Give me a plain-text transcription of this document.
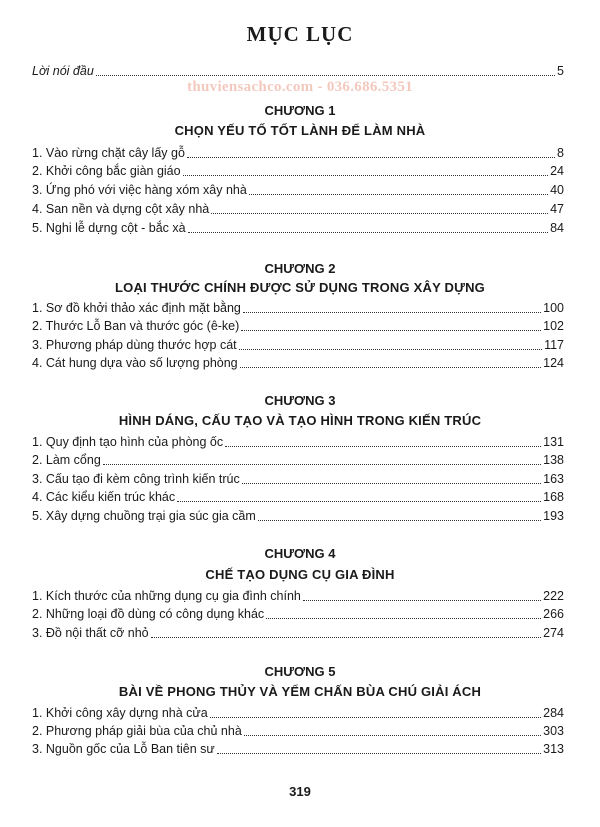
MỤC LỤC
Lời nói đầu	5
thuviensachco.com - 036.686.5351
CHƯƠNG 1
CHỌN YẾU TỐ TỐT LÀNH ĐỂ LÀM NHÀ
1. Vào rừng chặt cây lấy gỗ	8
2. Khởi công bắc giàn giáo	24
3. Ứng phó với việc hàng xóm xây nhà	40
4. San nền và dựng cột xây nhà	47
5. Nghi lễ dựng cột - bắc xà	84
CHƯƠNG 2
LOẠI THƯỚC CHÍNH ĐƯỢC SỬ DỤNG TRONG XÂY DỰNG
1. Sơ đồ khởi thảo xác định mặt bằng	100
2. Thước Lỗ Ban và thước góc (ê-ke)	102
3. Phương pháp dùng thước hợp cát	117
4. Cát hung dựa vào số lượng phòng	124
CHƯƠNG 3
HÌNH DÁNG, CẤU TẠO VÀ TẠO HÌNH TRONG KIẾN TRÚC
1. Quy định tạo hình của phòng ốc	131
2. Làm cổng	138
3. Cấu tạo đi kèm công trình kiến trúc	163
4. Các kiểu kiến trúc khác	168
5. Xây dựng chuồng trại gia súc gia cầm	193
CHƯƠNG 4
CHẾ TẠO DỤNG CỤ GIA ĐÌNH
1. Kích thước của những dụng cụ gia đình chính	222
2. Những loại đồ dùng có công dụng khác	266
3. Đồ nội thất cỡ nhỏ	274
CHƯƠNG 5
BÀI VỀ PHONG THỦY VÀ YỂM CHẤN BÙA CHÚ GIẢI ÁCH
1. Khởi công xây dựng nhà cửa	284
2. Phương pháp giải bùa của chủ nhà	303
3. Nguồn gốc của Lỗ Ban tiên sư	313
319
